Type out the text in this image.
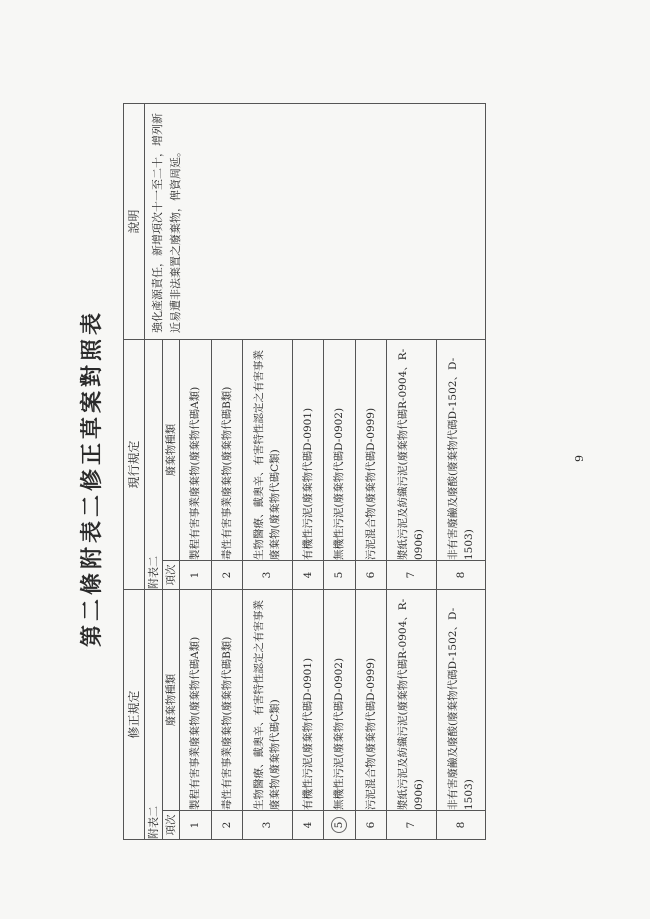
第二條附表二修正草案對照表
修正規定	現行規定	說明
附表二	附表二	強化產源責任，新增項次十一至二十，增列新近易遭非法棄置之廢棄物，俾資周延。

項次	廢棄物種類
1	製程有害事業廢棄物(廢棄物代碼A類)
2	毒性有害事業廢棄物(廢棄物代碼B類)
3	生物醫療、戴奧辛、有害特性認定之有害事業廢棄物(廢棄物代碼C類)
4	有機性污泥(廢棄物代碼D-0901)
5	無機性污泥(廢棄物代碼D-0902)
6	污泥混合物(廢棄物代碼D-0999)
7	漿紙污泥及紡織污泥(廢棄物代碼R-0904、R-0906)
8	非有害廢鹼及廢酸(廢棄物代碼D-1502、D-1503)

項次	廢棄物種類
1	製程有害事業廢棄物(廢棄物代碼A類)
2	毒性有害事業廢棄物(廢棄物代碼B類)
3	生物醫療、戴奧辛、有害特性認定之有害事業廢棄物(廢棄物代碼C類)
4	有機性污泥(廢棄物代碼D-0901)
5	無機性污泥(廢棄物代碼D-0902)
6	污泥混合物(廢棄物代碼D-0999)
7	漿紙污泥及紡織污泥(廢棄物代碼R-0904、R-0906)
8	非有害廢鹼及廢酸(廢棄物代碼D-1502、D-1503)
9
